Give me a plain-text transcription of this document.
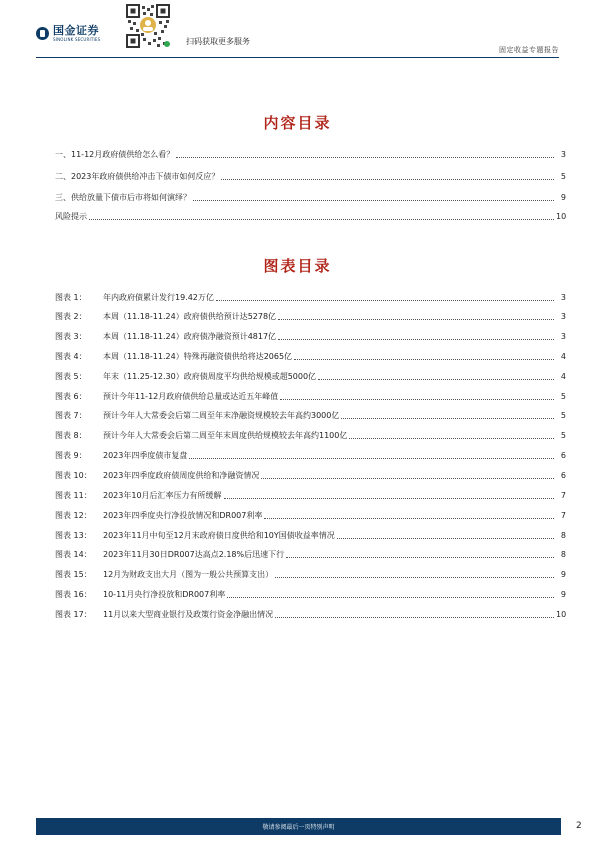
国金证券
SINOLINK SECURITIES	扫码获取更多服务
固定收益专题报告
内容目录
一、11-12月政府债供给怎么看？	3
二、2023年政府债供给冲击下债市如何反应？	5
三、供给放量下债市后市将如何演绎？	9
风险提示	10
图表目录
图表 1： 年内政府债累计发行19.42万亿	3
图表 2： 本周（11.18-11.24）政府债供给预计达5278亿	3
图表 3： 本周（11.18-11.24）政府债净融资预计4817亿	3
图表 4： 本周（11.18-11.24）特殊再融资债供给将达2065亿	4
图表 5： 年末（11.25-12.30）政府债周度平均供给规模或超5000亿	4
图表 6： 预计今年11-12月政府债供给总量或达近五年峰值	5
图表 7： 预计今年人大常委会后第二周至年末净融资规模较去年高约3000亿	5
图表 8： 预计今年人大常委会后第二周至年末周度供给规模较去年高约1100亿	5
图表 9： 2023年四季度债市复盘	6
图表 10： 2023年四季度政府债周度供给和净融资情况	6
图表 11： 2023年10月后汇率压力有所缓解	7
图表 12： 2023年四季度央行净投放情况和DR007利率	7
图表 13： 2023年11月中旬至12月末政府债日度供给和10Y国债收益率情况	8
图表 14： 2023年11月30日DR007达高点2.18%后迅速下行	8
图表 15： 12月为财政支出大月（图为一般公共预算支出）	9
图表 16： 10-11月央行净投放和DR007利率	9
图表 17： 11月以来大型商业银行及政策行资金净融出情况	10
敬请参阅最后一页特别声明	2
